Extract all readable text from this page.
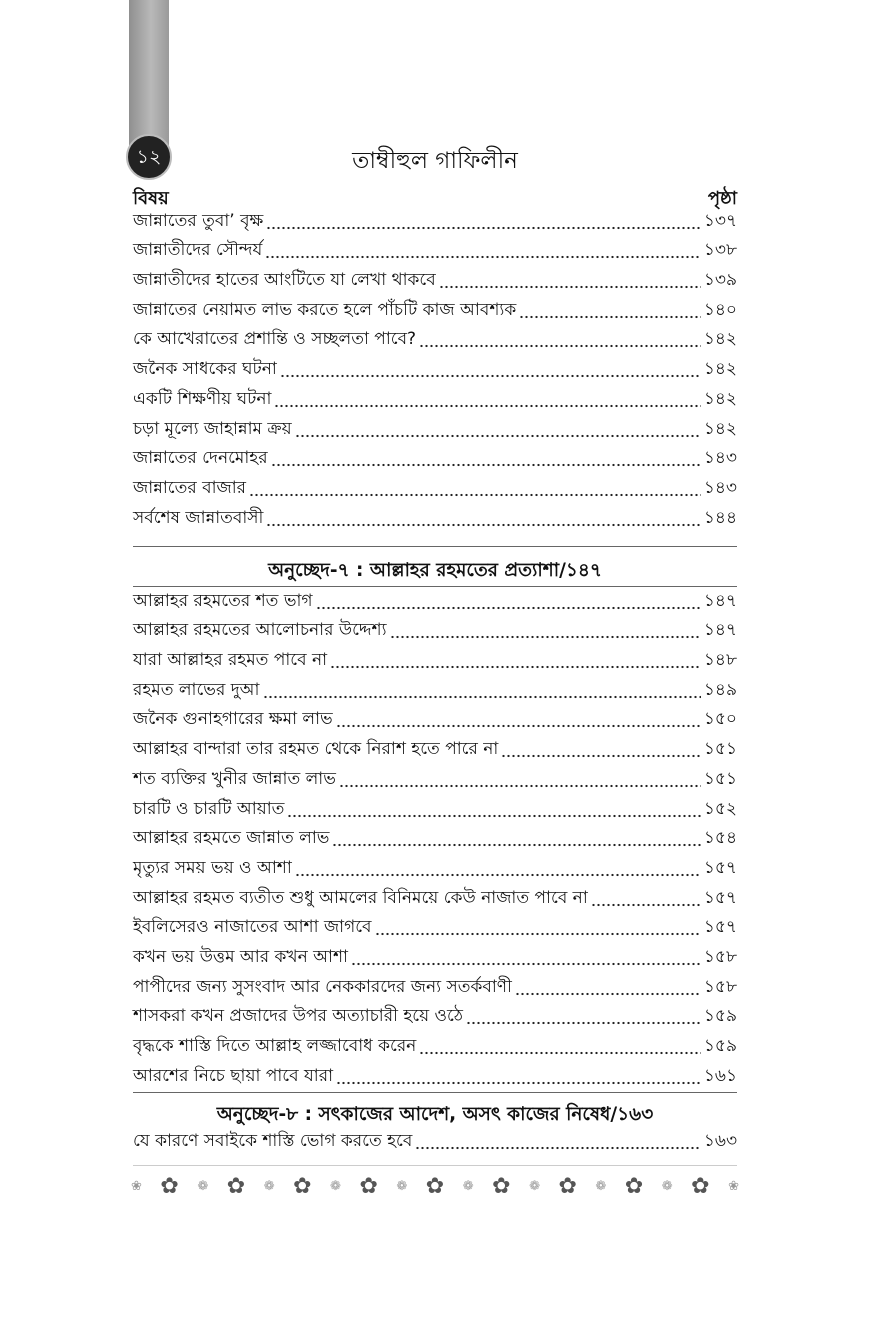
১২	তাম্বীহুল গাফিলীন
বিষয়	পৃষ্ঠা
জান্নাতের তুবা’ বৃক্ষ	১৩৭
জান্নাতীদের সৌন্দর্য	১৩৮
জান্নাতীদের হাতের আংটিতে যা লেখা থাকবে	১৩৯
জান্নাতের নেয়ামত লাভ করতে হলে পাঁচটি কাজ আবশ্যক	১৪০
কে আখেরাতের প্রশান্তি ও সচ্ছলতা পাবে?	১৪২
জনৈক সাধকের ঘটনা	১৪২
একটি শিক্ষণীয় ঘটনা	১৪২
চড়া মূল্যে জাহান্নাম ক্রয়	১৪২
জান্নাতের দেনমোহর	১৪৩
জান্নাতের বাজার	১৪৩
সর্বশেষ জান্নাতবাসী	১৪৪
অনুচ্ছেদ-৭ : আল্লাহর রহমতের প্রত্যাশা/১৪৭
আল্লাহর রহমতের শত ভাগ	১৪৭
আল্লাহর রহমতের আলোচনার উদ্দেশ্য	১৪৭
যারা আল্লাহর রহমত পাবে না	১৪৮
রহমত লাভের দুআ	১৪৯
জনৈক গুনাহগারের ক্ষমা লাভ	১৫০
আল্লাহর বান্দারা তার রহমত থেকে নিরাশ হতে পারে না	১৫১
শত ব্যক্তির খুনীর জান্নাত লাভ	১৫১
চারটি ও চারটি আয়াত	১৫২
আল্লাহর রহমতে জান্নাত লাভ	১৫৪
মৃত্যুর সময় ভয় ও আশা	১৫৭
আল্লাহর রহমত ব্যতীত শুধু আমলের বিনিময়ে কেউ নাজাত পাবে না	১৫৭
ইবলিসেরও নাজাতের আশা জাগবে	১৫৭
কখন ভয় উত্তম আর কখন আশা	১৫৮
পাপীদের জন্য সুসংবাদ আর নেককারদের জন্য সতর্কবাণী	১৫৮
শাসকরা কখন প্রজাদের উপর অত্যাচারী হয়ে ওঠে	১৫৯
বৃদ্ধকে শাস্তি দিতে আল্লাহ লজ্জাবোধ করেন	১৫৯
আরশের নিচে ছায়া পাবে যারা	১৬১
অনুচ্ছেদ-৮ : সৎকাজের আদেশ, অসৎ কাজের নিষেধ/১৬৩
যে কারণে সবাইকে শাস্তি ভোগ করতে হবে	১৬৩
❀ ✿ ❁ ✿ ❁ ✿ ❁ ✿ ❁ ✿ ❁ ✿ ❁ ✿ ❁ ✿ ❁ ✿ ❀
